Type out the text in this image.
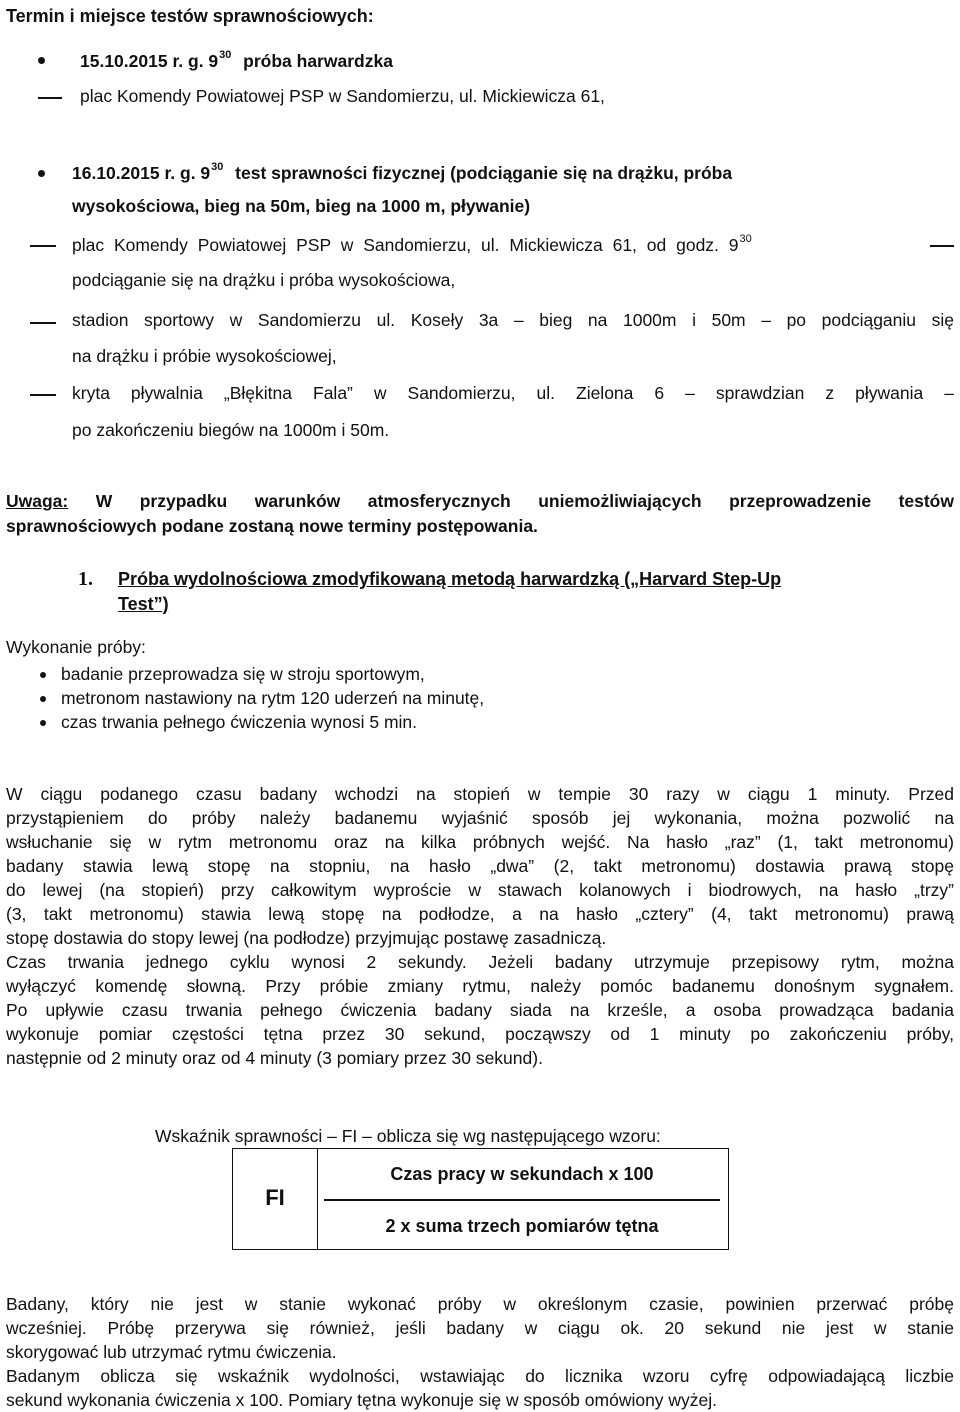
Termin i miejsce testów sprawnościowych:
15.10.2015 r. g. $9^{30}$ próba harwardzka
plac Komendy Powiatowej PSP w Sandomierzu, ul. Mickiewicza 61,
16.10.2015 r. g. $9^{30}$ test sprawności fizycznej (podciąganie się na drążku, próba
wysokościowa, bieg na 50m, bieg na 1000 m, pływanie)
plac Komendy Powiatowej PSP w Sandomierzu, ul. Mickiewicza 61, od godz. $9^{30}$
podciąganie się na drążku i próba wysokościowa,
stadion sportowy w Sandomierzu ul. Koseły 3a – bieg na 1000m i 50m – po podciąganiu się
na drążku i próbie wysokościowej,
kryta pływalnia „Błękitna Fala” w Sandomierzu, ul. Zielona 6 – sprawdzian z pływania –
po zakończeniu biegów na 1000m i 50m.
Uwaga: W przypadku warunków atmosferycznych uniemożliwiających przeprowadzenie testów
sprawnościowych podane zostaną nowe terminy postępowania.
1. Próba wydolnościowa zmodyfikowaną metodą harwardzką („Harvard Step-Up
Test”)
Wykonanie próby:
badanie przeprowadza się w stroju sportowym,
metronom nastawiony na rytm 120 uderzeń na minutę,
czas trwania pełnego ćwiczenia wynosi 5 min.
W ciągu podanego czasu badany wchodzi na stopień w tempie 30 razy w ciągu 1 minuty. Przed
przystąpieniem do próby należy badanemu wyjaśnić sposób jej wykonania, można pozwolić na
wsłuchanie się w rytm metronomu oraz na kilka próbnych wejść. Na hasło „raz” (1, takt metronomu)
badany stawia lewą stopę na stopniu, na hasło „dwa” (2, takt metronomu) dostawia prawą stopę
do lewej (na stopień) przy całkowitym wyproście w stawach kolanowych i biodrowych, na hasło „trzy”
(3, takt metronomu) stawia lewą stopę na podłodze, a na hasło „cztery” (4, takt metronomu) prawą
stopę dostawia do stopy lewej (na podłodze) przyjmując postawę zasadniczą.
Czas trwania jednego cyklu wynosi 2 sekundy. Jeżeli badany utrzymuje przepisowy rytm, można
wyłączyć komendę słowną. Przy próbie zmiany rytmu, należy pomóc badanemu donośnym sygnałem.
Po upływie czasu trwania pełnego ćwiczenia badany siada na krześle, a osoba prowadząca badania
wykonuje pomiar częstości tętna przez 30 sekund, począwszy od 1 minuty po zakończeniu próby,
następnie od 2 minuty oraz od 4 minuty (3 pomiary przez 30 sekund).
Wskaźnik sprawności – FI – oblicza się wg następującego wzoru:
FI
Czas pracy w sekundach x 100
2 x suma trzech pomiarów tętna
Badany, który nie jest w stanie wykonać próby w określonym czasie, powinien przerwać próbę
wcześniej. Próbę przerywa się również, jeśli badany w ciągu ok. 20 sekund nie jest w stanie
skorygować lub utrzymać rytmu ćwiczenia.
Badanym oblicza się wskaźnik wydolności, wstawiając do licznika wzoru cyfrę odpowiadającą liczbie
sekund wykonania ćwiczenia x 100. Pomiary tętna wykonuje się w sposób omówiony wyżej.
